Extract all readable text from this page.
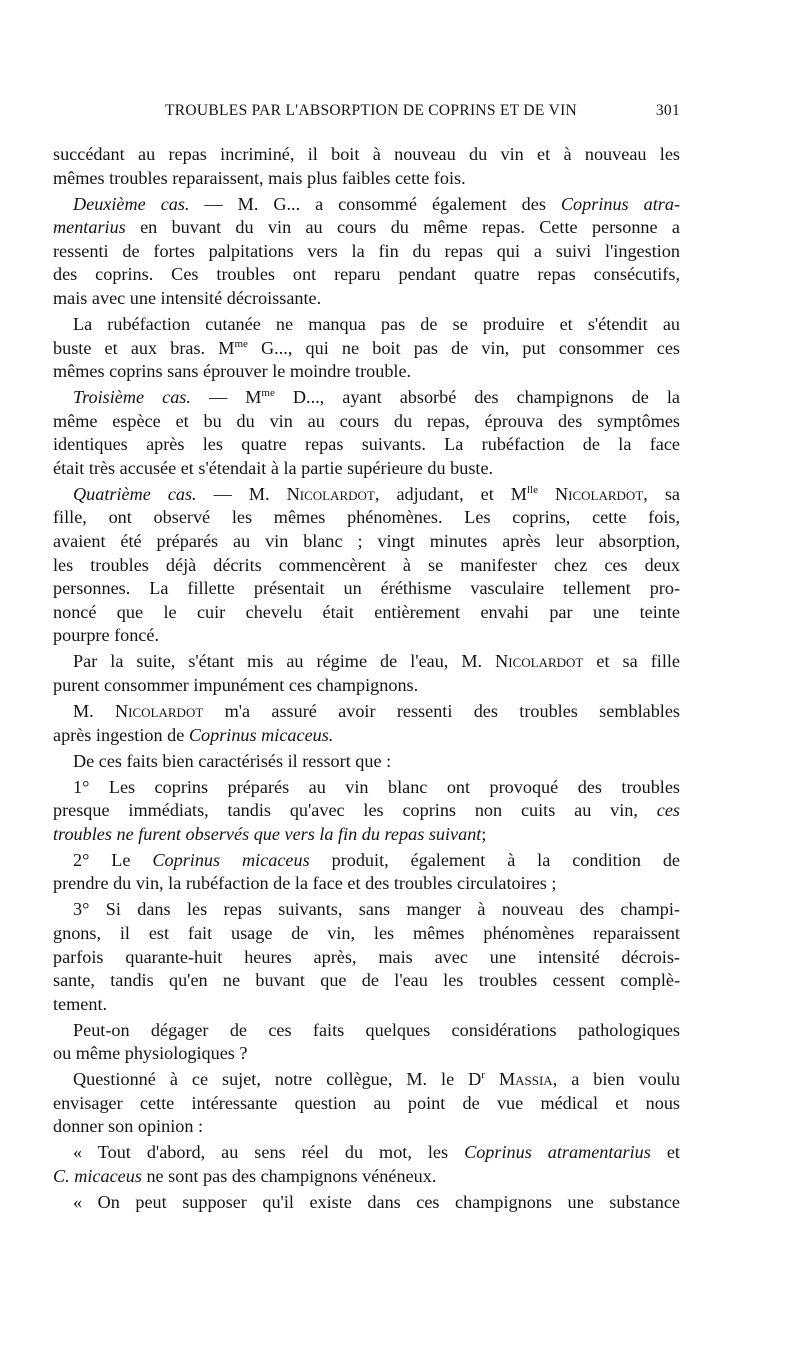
TROUBLES PAR L'ABSORPTION DE COPRINS ET DE VIN	301
succédant au repas incriminé, il boit à nouveau du vin et à nouveau les
mêmes troubles reparaissent, mais plus faibles cette fois.
Deuxième cas. — M. G... a consommé également des Coprinus atra-
mentarius en buvant du vin au cours du même repas. Cette personne a
ressenti de fortes palpitations vers la fin du repas qui a suivi l'ingestion
des coprins. Ces troubles ont reparu pendant quatre repas consécutifs,
mais avec une intensité décroissante.
La rubéfaction cutanée ne manqua pas de se produire et s'étendit au
buste et aux bras. $M^{me}$ G..., qui ne boit pas de vin, put consommer ces
mêmes coprins sans éprouver le moindre trouble.
Troisième cas. — $M^{me}$ D..., ayant absorbé des champignons de la
même espèce et bu du vin au cours du repas, éprouva des symptômes
identiques après les quatre repas suivants. La rubéfaction de la face
était très accusée et s'étendait à la partie supérieure du buste.
Quatrième cas. — M. Nicolardot, adjudant, et $M^{lle}$ Nicolardot, sa
fille, ont observé les mêmes phénomènes. Les coprins, cette fois,
avaient été préparés au vin blanc ; vingt minutes après leur absorption,
les troubles déjà décrits commencèrent à se manifester chez ces deux
personnes. La fillette présentait un éréthisme vasculaire tellement pro-
noncé que le cuir chevelu était entièrement envahi par une teinte
pourpre foncé.
Par la suite, s'étant mis au régime de l'eau, M. Nicolardot et sa fille
purent consommer impunément ces champignons.
M. Nicolardot m'a assuré avoir ressenti des troubles semblables
après ingestion de Coprinus micaceus.
De ces faits bien caractérisés il ressort que :
1° Les coprins préparés au vin blanc ont provoqué des troubles
presque immédiats, tandis qu'avec les coprins non cuits au vin, ces
troubles ne furent observés que vers la fin du repas suivant;
2° Le Coprinus micaceus produit, également à la condition de
prendre du vin, la rubéfaction de la face et des troubles circulatoires ;
3° Si dans les repas suivants, sans manger à nouveau des champi-
gnons, il est fait usage de vin, les mêmes phénomènes reparaissent
parfois quarante-huit heures après, mais avec une intensité décrois-
sante, tandis qu'en ne buvant que de l'eau les troubles cessent complè-
tement.
Peut-on dégager de ces faits quelques considérations pathologiques
ou même physiologiques ?
Questionné à ce sujet, notre collègue, M. le $D^r$ Massia, a bien voulu
envisager cette intéressante question au point de vue médical et nous
donner son opinion :
« Tout d'abord, au sens réel du mot, les Coprinus atramentarius et
C. micaceus ne sont pas des champignons vénéneux.
« On peut supposer qu'il existe dans ces champignons une substance
